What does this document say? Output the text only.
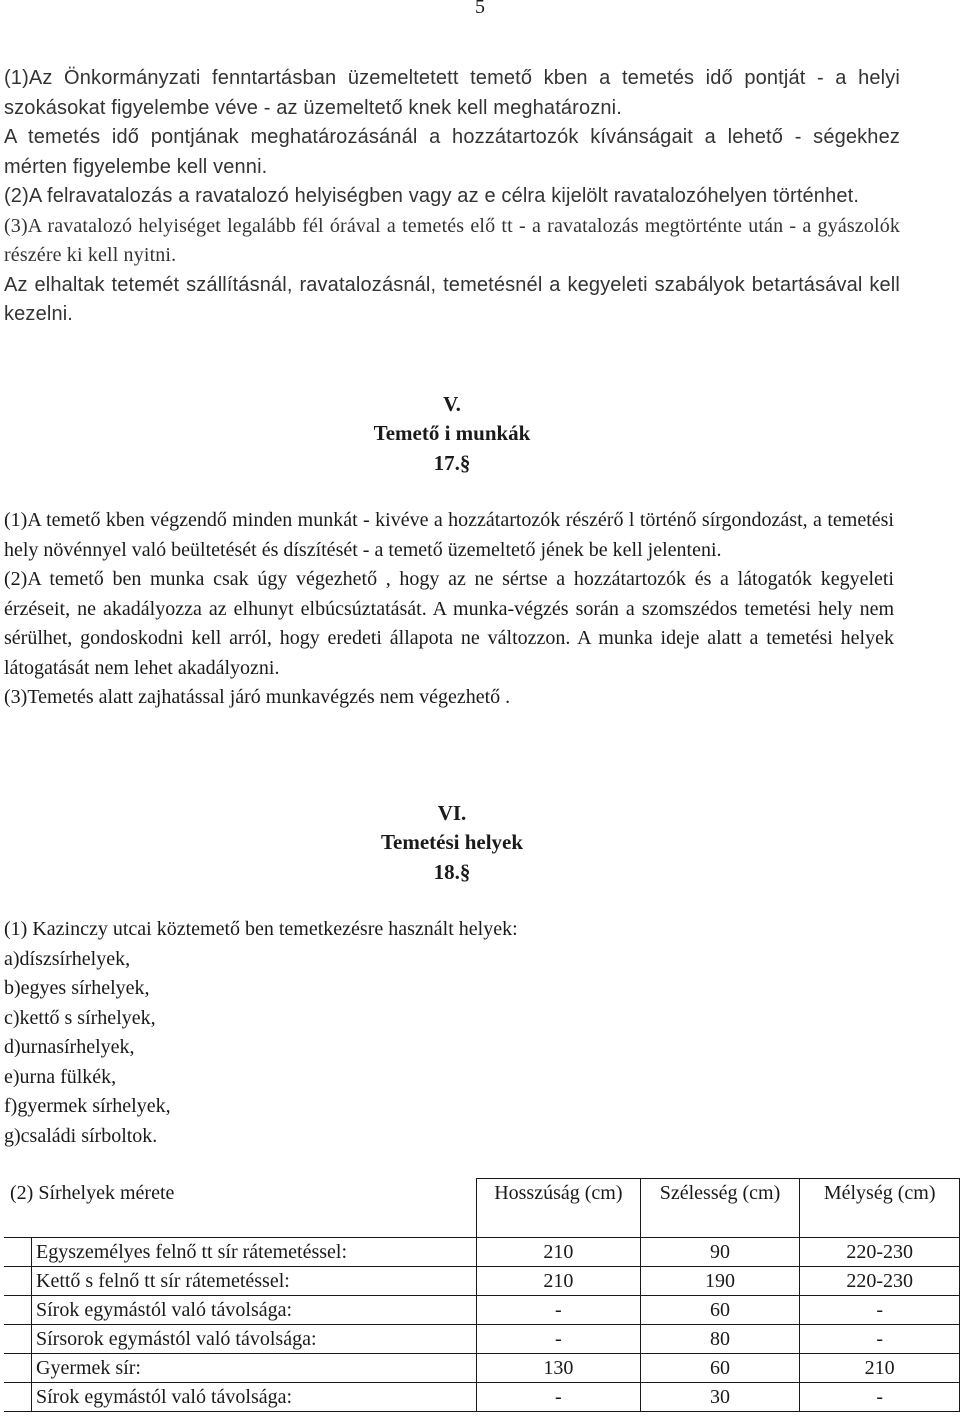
5

(1)Az Önkormányzati fenntartásban üzemeltetett temető kben a temetés idő pontját - a helyi szokásokat figyelembe véve - az üzemeltető knek kell meghatározni.

A temetés idő pontjának meghatározásánál a hozzátartozók kívánságait a lehető - ségekhez mérten figyelembe kell venni.

(2)A felravatalozás a ravatalozó helyiségben vagy az e célra kijelölt ravatalozóhelyen történhet.

(3)A ravatalozó helyiséget legalább fél órával a temetés elő tt - a ravatalozás megtörténte után - a gyászolók részére ki kell nyitni.

Az elhaltak tetemét szállításnál, ravatalozásnál, temetésnél a kegyeleti szabályok betartásával kell kezelni.

V.
Temető i munkák
17.§

(1)A temető kben végzendő minden munkát - kivéve a hozzátartozók részérő l történő sírgondozást, a temetési hely növénnyel való beültetését és díszítését - a temető üzemeltető jének be kell jelenteni.

(2)A temető ben munka csak úgy végezhető , hogy az ne sértse a hozzátartozók és a látogatók kegyeleti érzéseit, ne akadályozza az elhunyt elbúcsúztatását. A munka-végzés során a szomszédos temetési hely nem sérülhet, gondoskodni kell arról, hogy eredeti állapota ne változzon. A munka ideje alatt a temetési helyek látogatását nem lehet akadályozni.

(3)Temetés alatt zajhatással járó munkavégzés nem végezhető .

VI.
Temetési helyek
18.§
(1) Kazinczy utcai köztemető ben temetkezésre használt helyek:
a)díszsírhelyek,
b)egyes sírhelyek,
c)kettő s sírhelyek,
d)urnasírhelyek,
e)urna fülkék,
f)gyermek sírhelyek,
g)családi sírboltok.
(2) Sírhelyek mérete	Hosszúság (cm)	Szélesség (cm)	Mélység (cm)
Egyszemélyes felnő tt sír rátemetéssel:	210	90	220-230
Kettő s felnő tt sír rátemetéssel:	210	190	220-230
Sírok egymástól való távolsága:	-	60	-
Sírsorok egymástól való távolsága:	-	80	-
Gyermek sír:	130	60	210
Sírok egymástól való távolsága:	-	30	-
